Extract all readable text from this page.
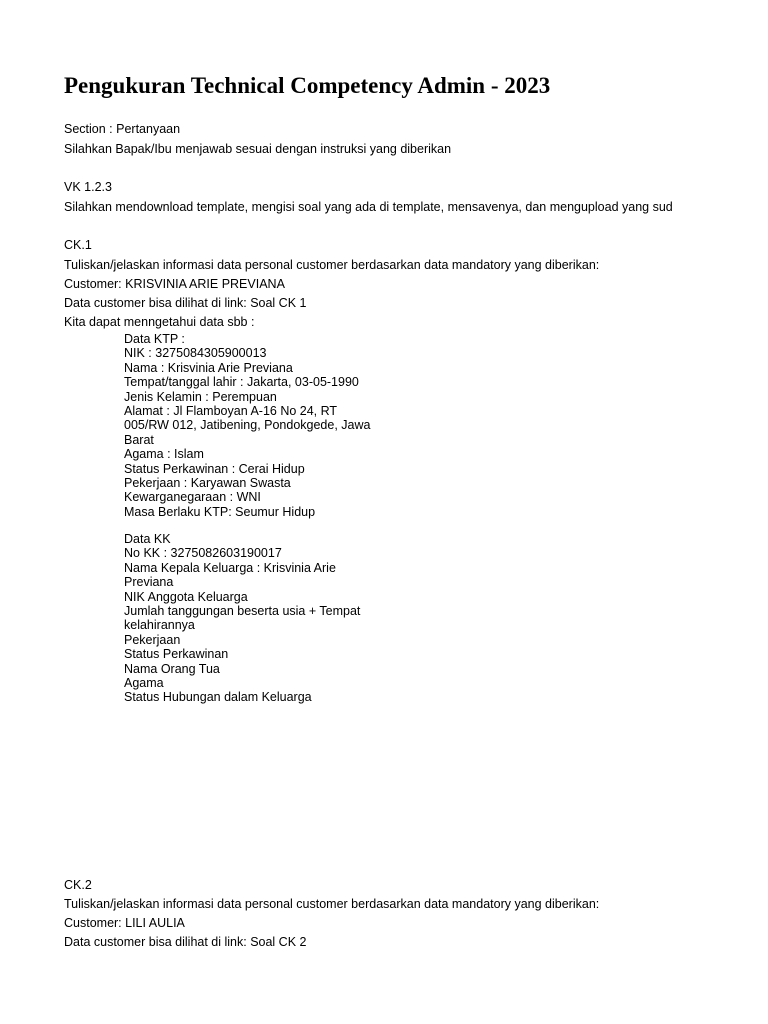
Pengukuran Technical Competency Admin - 2023
Section : Pertanyaan
Silahkan Bapak/Ibu menjawab sesuai dengan instruksi yang diberikan
VK 1.2.3
Silahkan mendownload template, mengisi soal yang ada di template, mensavenya, dan mengupload yang sud
CK.1
Tuliskan/jelaskan informasi data personal customer berdasarkan data mandatory yang diberikan:
Customer: KRISVINIA ARIE PREVIANA
Data customer bisa dilihat di link: Soal CK 1
Kita dapat menngetahui data sbb :
Data KTP :
NIK : 3275084305900013
Nama : Krisvinia Arie Previana
Tempat/tanggal lahir : Jakarta, 03-05-1990
Jenis Kelamin : Perempuan
Alamat : Jl Flamboyan A-16 No 24, RT
005/RW 012, Jatibening, Pondokgede, Jawa
Barat
Agama : Islam
Status Perkawinan : Cerai Hidup
Pekerjaan : Karyawan Swasta
Kewarganegaraan : WNI
Masa Berlaku KTP: Seumur Hidup
Data KK
No KK : 3275082603190017
Nama Kepala Keluarga : Krisvinia Arie
Previana
NIK Anggota Keluarga
Jumlah tanggungan beserta usia + Tempat
kelahirannya
Pekerjaan
Status Perkawinan
Nama Orang Tua
Agama
Status Hubungan dalam Keluarga
CK.2
Tuliskan/jelaskan informasi data personal customer berdasarkan data mandatory yang diberikan:
Customer: LILI AULIA
Data customer bisa dilihat di link: Soal CK 2
